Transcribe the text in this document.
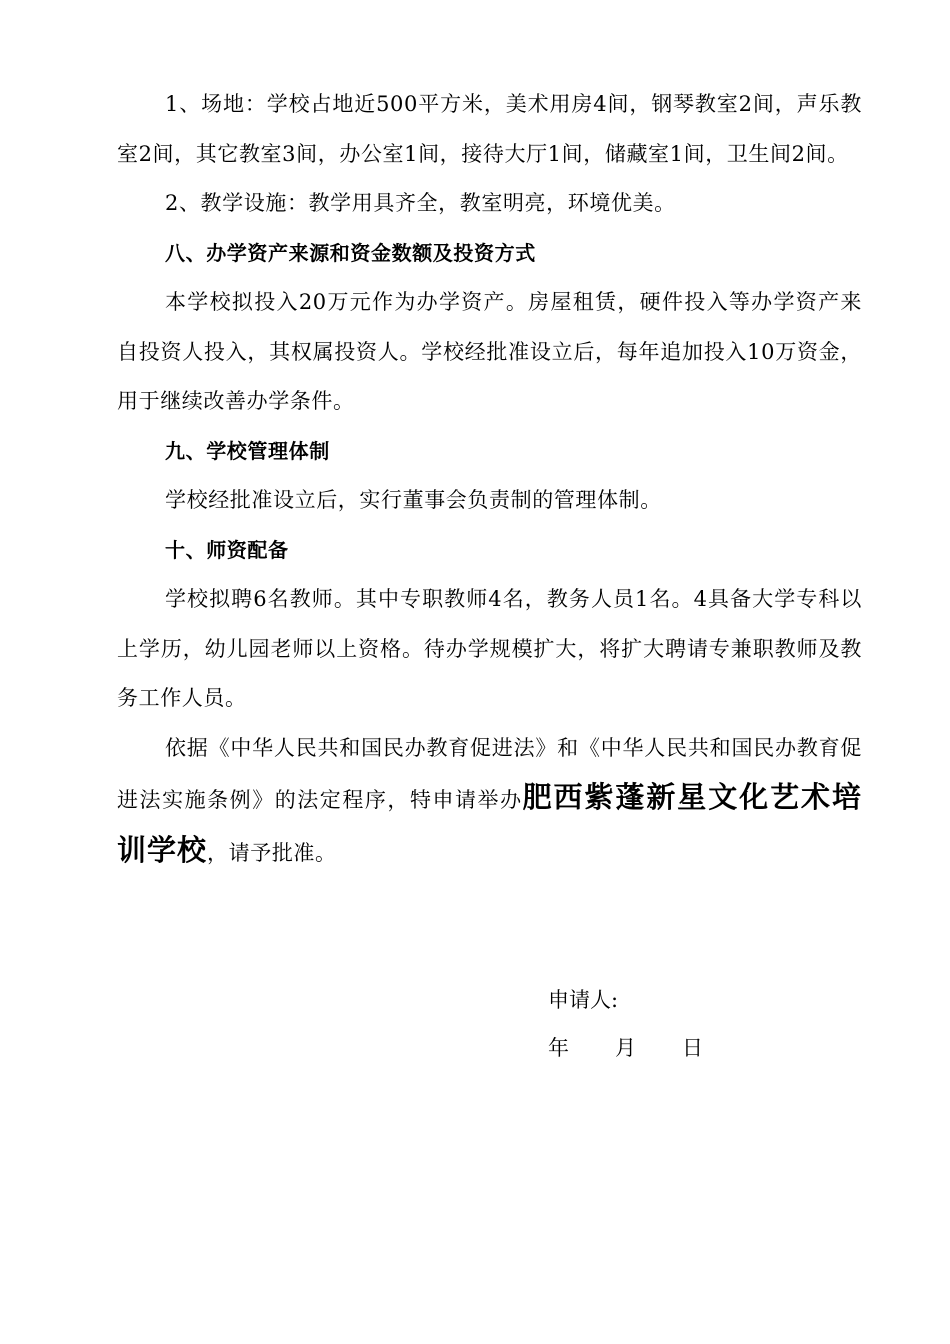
1、场地：学校占地近500平方米，美术用房4间，钢琴教室2间，声乐教室2间，其它教室3间，办公室1间，接待大厅1间，储藏室1间，卫生间2间。

2、教学设施：教学用具齐全，教室明亮，环境优美。

八、办学资产来源和资金数额及投资方式

本学校拟投入20万元作为办学资产。房屋租赁，硬件投入等办学资产来自投资人投入，其权属投资人。学校经批准设立后，每年追加投入10万资金，用于继续改善办学条件。

九、学校管理体制

学校经批准设立后，实行董事会负责制的管理体制。

十、师资配备

学校拟聘6名教师。其中专职教师4名，教务人员1名。4具备大学专科以上学历，幼儿园老师以上资格。待办学规模扩大，将扩大聘请专兼职教师及教务工作人员。

依据《中华人民共和国民办教育促进法》和《中华人民共和国民办教育促进法实施条例》的法定程序，特申请举办肥西紫蓬新星文化艺术培训学校，请予批准。

申请人:
年 月 日
